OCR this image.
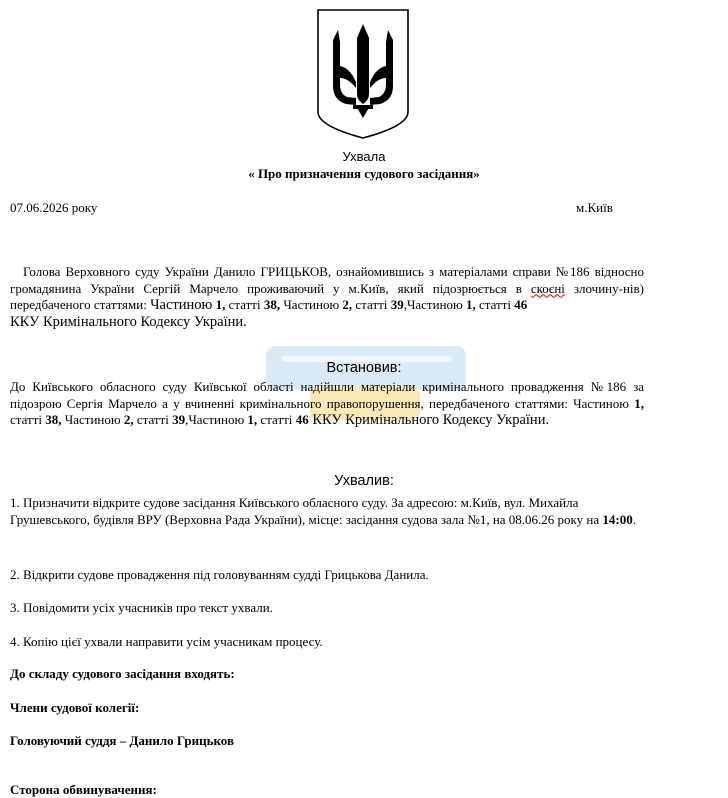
Ухвала
« Про призначення судового засідання»
07.06.2026 року	м.Київ
Голова Верховного суду України Данило ГРИЦЬКОВ, ознайомившись з матеріалами справи №186 відносно громадянина України Сергій Марчело проживаючий у м.Київ, який підозрюється в скоєні злочину-нів) передбаченого статтями: Частиною 1, статті 38, Частиною 2, статті 39,Частиною 1, статті 46
ККУ Кримінального Кодексу України.
Встановив:
До Київського обласного суду Київської області надійшли матеріали кримінального провадження №186 за підозрою Сергія Марчело а у вчиненні кримінального правопорушення, передбаченого статтями: Частиною 1, статті 38, Частиною 2, статті 39,Частиною 1, статті 46 ККУ Кримінального Кодексу України.
Ухвалив:
1. Призначити відкрите судове засідання Київського обласного суду. За адресою: м.Київ, вул. Михайла Грушевського, будівля ВРУ (Верховна Рада України), місце: засідання судова зала №1, на 08.06.26 року на 14:00.
2. Відкрити судове провадження під головуванням судді Грицькова Данила.
3. Повідомити усіх учасників про текст ухвали.
4. Копію цієї ухвали направити усім учасникам процесу.
До складу судового засідання входять:
Члени судової колегії:
Головуючий суддя – Данило Грицьков
Сторона обвинувачення:
